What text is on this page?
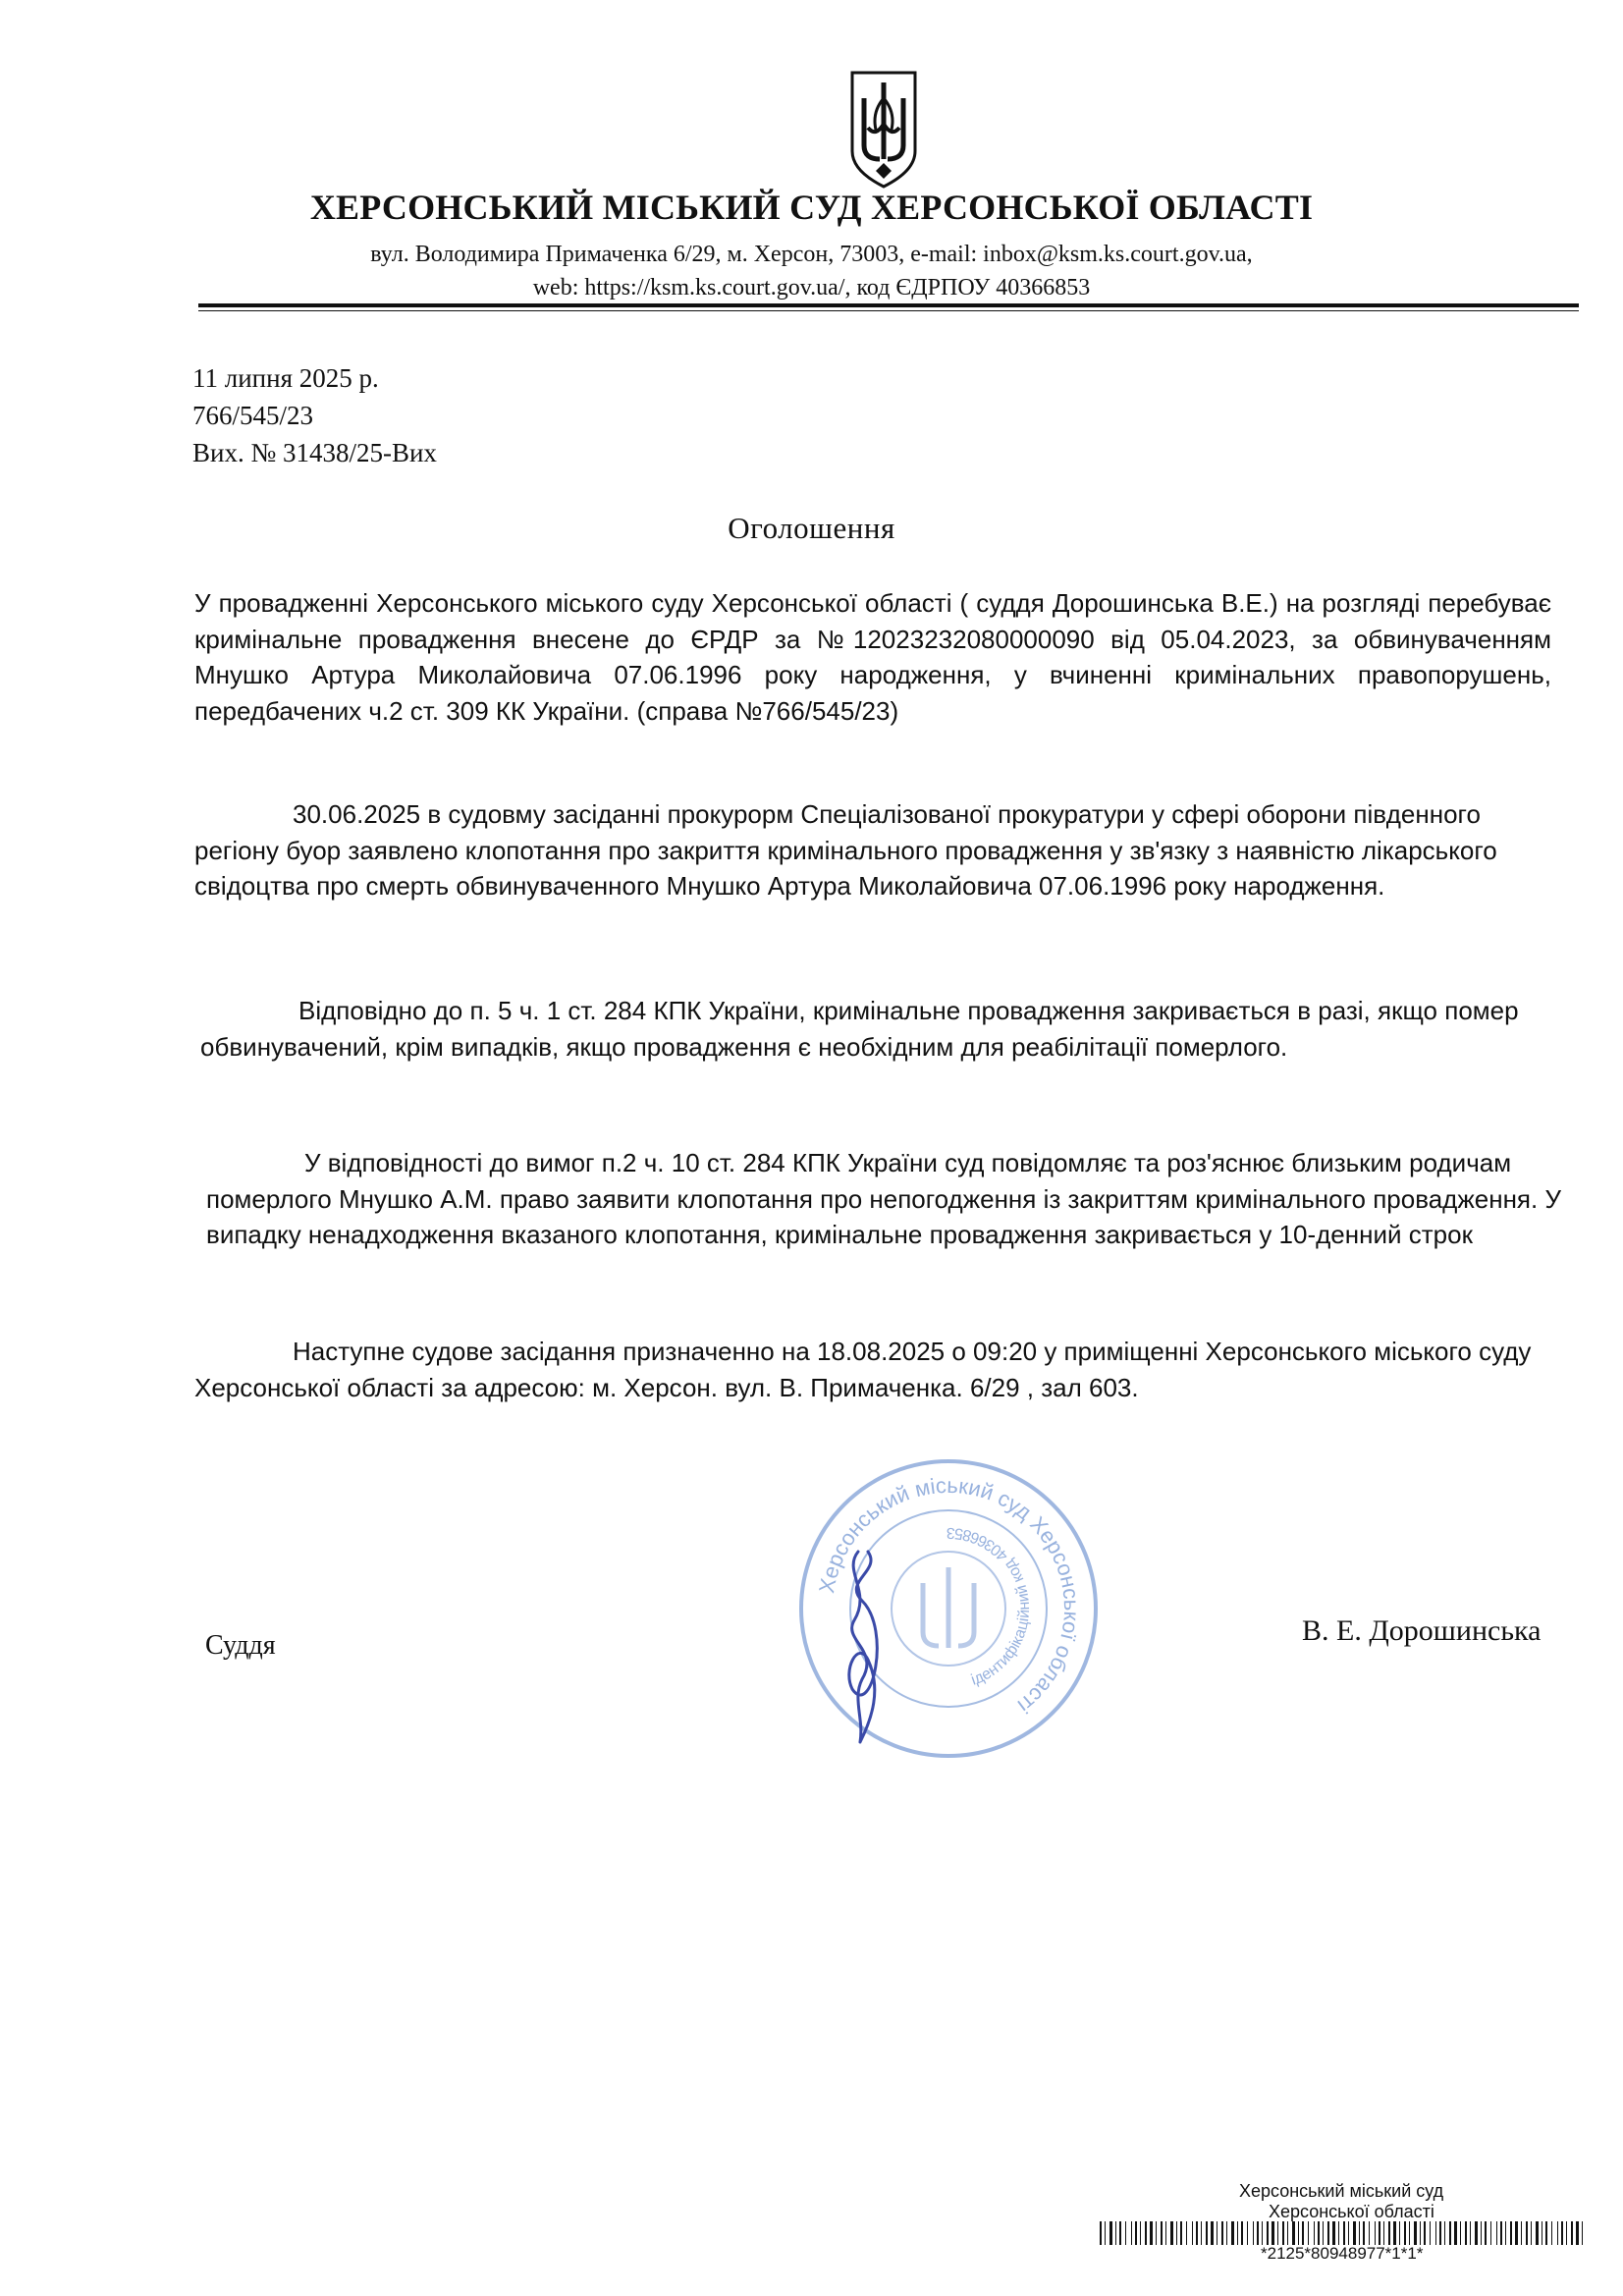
ХЕРСОНСЬКИЙ МІСЬКИЙ СУД ХЕРСОНСЬКОЇ ОБЛАСТІ
вул. Володимира Примаченка 6/29, м. Херсон, 73003, e-mail: inbox@ksm.ks.court.gov.ua,
web: https://ksm.ks.court.gov.ua/, код ЄДРПОУ 40366853
11 липня 2025 р.
766/545/23
Вих. № 31438/25-Вих
Оголошення
У провадженні Херсонського міського суду Херсонської області ( суддя Дорошинська В.Е.) на розгляді перебуває кримінальне провадження внесене до ЄРДР за №12023232080000090 від 05.04.2023, за обвинуваченням Мнушко Артура Миколайовича 07.06.1996 року народження, у вчиненні кримінальних правопорушень, передбачених ч.2 ст. 309 КК України. (справа №766/545/23)
30.06.2025 в судовму засіданні прокурорм Спеціалізованої прокуратури у сфері оборони південного регіону буор заявлено клопотання про закриття кримінального провадження у зв'язку з наявністю лікарського свідоцтва про смерть обвинуваченного Мнушко Артура Миколайовича 07.06.1996 року народження.
Відповідно до п. 5 ч. 1 ст. 284 КПК України, кримінальне провадження закривається в разі, якщо помер обвинувачений, крім випадків, якщо провадження є необхідним для реабілітації померлого.
У відповідності до вимог п.2 ч. 10 ст. 284 КПК України суд повідомляє та роз'яснює близьким родичам померлого Мнушко А.М. право заявити клопотання про непогодження із закриттям кримінального провадження. У випадку ненадходження вказаного клопотання, кримінальне провадження закривається у 10-денний строк
Наступне судове засідання призначенно на 18.08.2025 о 09:20 у приміщенні Херсонського міського суду Херсонської області за адресою: м. Херсон. вул. В. Примаченка. 6/29 , зал 603.
Херсонський міський суд Херсонської області
ідентифікаційний код 40366853
Суддя	В. Е. Дорошинська
Херсонський міський суд
Херсонської області
*2125*80948977*1*1*
